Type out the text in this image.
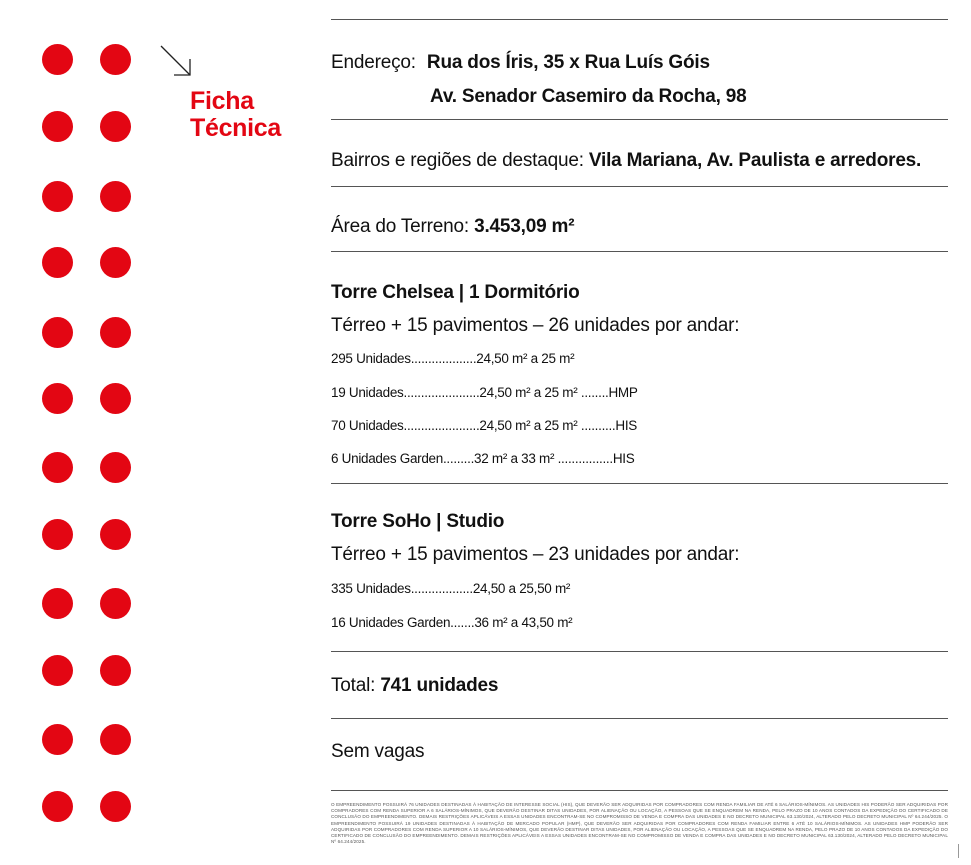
Ficha
Técnica
Endereço: Rua dos Íris, 35 x Rua Luís Góis
Av. Senador Casemiro da Rocha, 98
Bairros e regiões de destaque: Vila Mariana, Av. Paulista e arredores.
Área do Terreno: 3.453,09 m²
Torre Chelsea | 1 Dormitório
Térreo + 15 pavimentos – 26 unidades por andar:
295 Unidades...................24,50 m² a 25 m²
19 Unidades......................24,50 m² a 25 m² ........HMP
70 Unidades......................24,50 m² a 25 m² ..........HIS
6 Unidades Garden.........32 m² a 33 m² ................HIS
Torre SoHo | Studio
Térreo + 15 pavimentos – 23 unidades por andar:
335 Unidades..................24,50 a 25,50 m²
16 Unidades Garden.......36 m² a 43,50 m²
Total: 741 unidades
Sem vagas
O EMPREENDIMENTO POSSUIRÁ 76 UNIDADES DESTINADAS À HABITAÇÃO DE INTERESSE SOCIAL (HIS), QUE DEVERÃO SER ADQUIRIDAS POR COMPRADORES COM RENDA FAMILIAR DE ATÉ 6 SALÁRIOS-MÍNIMOS. AS UNIDADES HIS PODERÃO SER ADQUIRIDAS POR COMPRADORES COM RENDA SUPERIOR A 6 SALÁRIOS-MÍNIMOS, QUE DEVERÃO DESTINAR DITAS UNIDADES, POR ALIENAÇÃO OU LOCAÇÃO, A PESSOAS QUE SE ENQUADREM NA RENDA, PELO PRAZO DE 10 ANOS CONTADOS DA EXPEDIÇÃO DO CERTIFICADO DE CONCLUSÃO DO EMPREENDIMENTO. DEMAIS RESTRIÇÕES APLICÁVEIS A ESSAS UNIDADES ENCONTRAM-SE NO COMPROMISSO DE VENDA E COMPRA DAS UNIDADES E NO DECRETO MUNICIPAL 63.130/2024, ALTERADO PELO DECRETO MUNICIPAL Nº 64.244/2025. O EMPREENDIMENTO POSSUIRÁ 19 UNIDADES DESTINADAS À HABITAÇÃO DE MERCADO POPULAR (HMP), QUE DEVERÃO SER ADQUIRIDAS POR COMPRADORES COM RENDA FAMILIAR ENTRE 6 ATÉ 10 SALÁRIOS-MÍNIMOS. AS UNIDADES HMP PODERÃO SER ADQUIRIDAS POR COMPRADORES COM RENDA SUPERIOR A 10 SALÁRIOS-MÍNIMOS, QUE DEVERÃO DESTINAR DITAS UNIDADES, POR ALIENAÇÃO OU LOCAÇÃO, A PESSOAS QUE SE ENQUADREM NA RENDA, PELO PRAZO DE 10 ANOS CONTADOS DA EXPEDIÇÃO DO CERTIFICADO DE CONCLUSÃO DO EMPREENDIMENTO. DEMAIS RESTRIÇÕES APLICÁVEIS A ESSAS UNIDADES ENCONTRAM-SE NO COMPROMISSO DE VENDA E COMPRA DAS UNIDADES E NO DECRETO MUNICIPAL 63.130/2024, ALTERADO PELO DECRETO MUNICIPAL Nº 64.244/2025.
